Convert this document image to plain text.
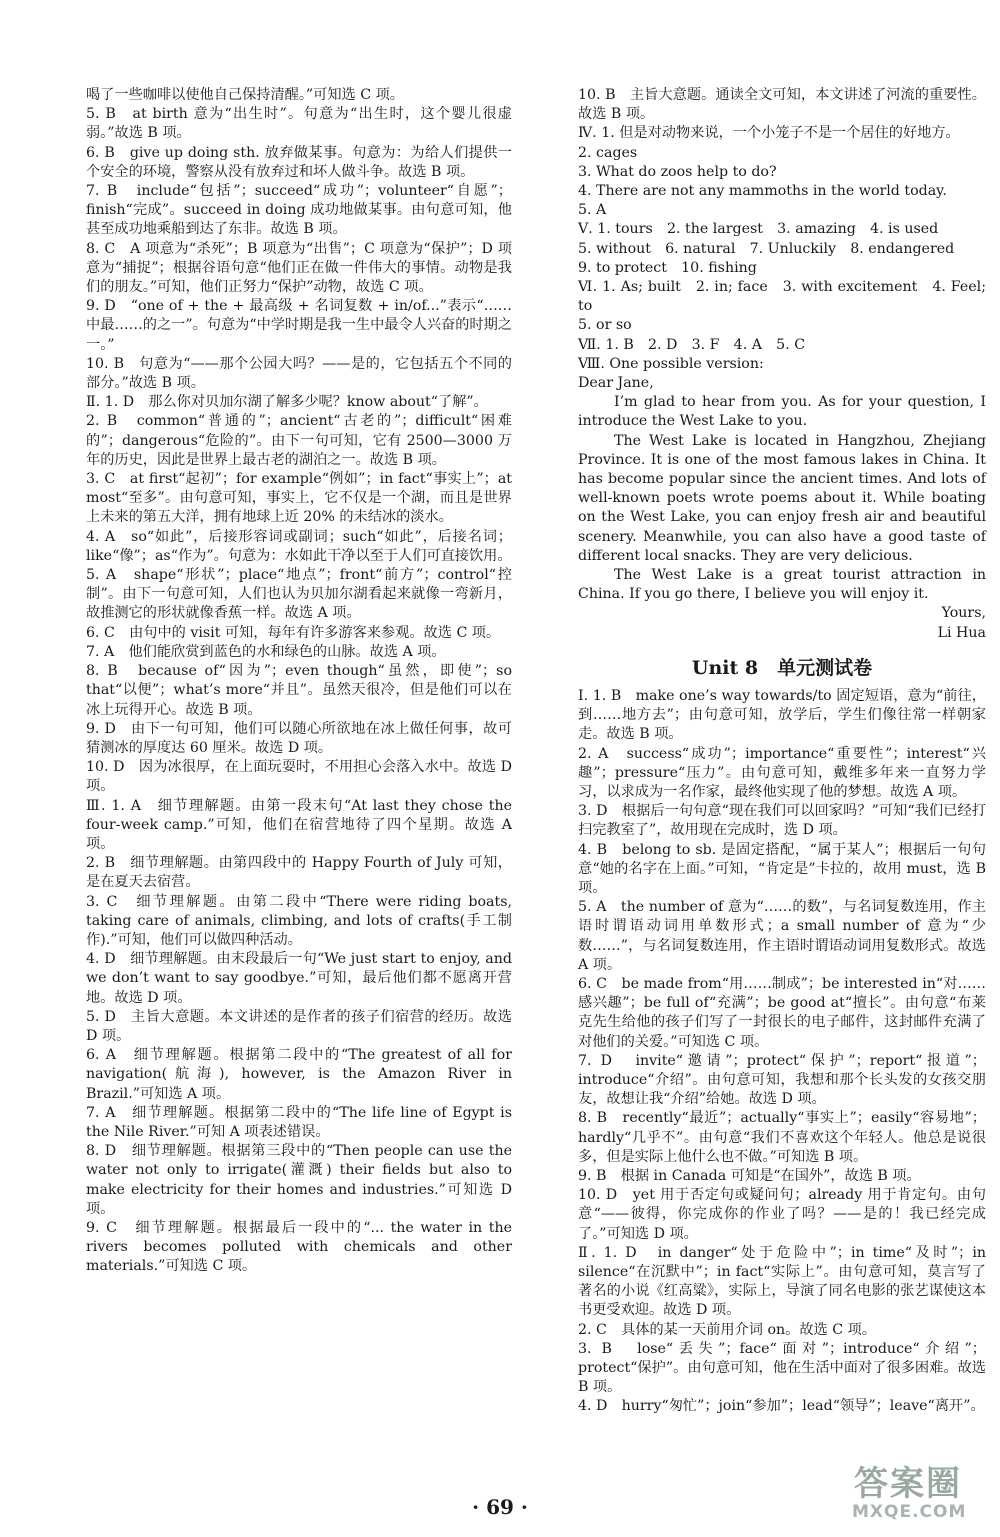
喝了一些咖啡以使他自己保持清醒。”可知选 C 项。

5. B　at birth 意为“出生时”。句意为“出生时，这个婴儿很虚弱。”故选 B 项。

6. B　give up doing sth. 放弃做某事。句意为：为给人们提供一个安全的环境，警察从没有放弃过和坏人做斗争。故选 B 项。

7. B　include“包括”；succeed“成功”；volunteer“自愿”；finish“完成”。succeed in doing 成功地做某事。由句意可知，他甚至成功地乘船到达了东非。故选 B 项。

8. C　A 项意为“杀死”；B 项意为“出售”；C 项意为“保护”；D 项意为“捕捉”；根据谷语句意“他们正在做一件伟大的事情。动物是我们的朋友。”可知，他们正努力“保护”动物，故选 C 项。

9. D　“one of + the + 最高级 + 名词复数 + in/of...”表示“……中最……的之一”。句意为“中学时期是我一生中最令人兴奋的时期之一。”

10. B　句意为“——那个公园大吗？——是的，它包括五个不同的部分。”故选 B 项。

Ⅱ. 1. D　那么你对贝加尔湖了解多少呢？know about“了解”。

2. B　common“普通的”；ancient“古老的”；difficult“困难的”；dangerous“危险的”。由下一句可知，它有 2500—3000 万年的历史，因此是世界上最古老的湖泊之一。故选 B 项。

3. C　at first“起初”；for example“例如”；in fact“事实上”；at most“至多”。由句意可知，事实上，它不仅是一个湖，而且是世界上未来的第五大洋，拥有地球上近 20% 的未结冰的淡水。

4. A　so“如此”，后接形容词或副词；such“如此”，后接名词；like“像”；as“作为”。句意为：水如此干净以至于人们可直接饮用。

5. A　shape“形状”；place“地点”；front“前方”；control“控制”。由下一句意可知，人们也认为贝加尔湖看起来就像一弯新月，故推测它的形状就像香蕉一样。故选 A 项。

6. C　由句中的 visit 可知，每年有许多游客来参观。故选 C 项。

7. A　他们能欣赏到蓝色的水和绿色的山脉。故选 A 项。

8. B　because of“因为”；even though“虽然，即使”；so that“以便”；what’s more“并且”。虽然天很冷，但是他们可以在冰上玩得开心。故选 B 项。

9. D　由下一句可知，他们可以随心所欲地在冰上做任何事，故可猜测冰的厚度达 60 厘米。故选 D 项。

10. D　因为冰很厚，在上面玩耍时，不用担心会落入水中。故选 D 项。

Ⅲ. 1. A　细节理解题。由第一段末句“At last they chose the four-week camp.”可知，他们在宿营地待了四个星期。故选 A 项。

2. B　细节理解题。由第四段中的 Happy Fourth of July 可知，是在夏天去宿营。

3. C　细节理解题。由第二段中“There were riding boats, taking care of animals, climbing, and lots of crafts(手工制作).”可知，他们可以做四种活动。

4. D　细节理解题。由末段最后一句“We just start to enjoy, and we don’t want to say goodbye.”可知，最后他们都不愿离开营地。故选 D 项。

5. D　主旨大意题。本文讲述的是作者的孩子们宿营的经历。故选 D 项。

6. A　细节理解题。根据第二段中的“The greatest of all for navigation(航海), however, is the Amazon River in Brazil.”可知选 A 项。

7. A　细节理解题。根据第二段中的“The life line of Egypt is the Nile River.”可知 A 项表述错误。

8. D　细节理解题。根据第三段中的“Then people can use the water not only to irrigate(灌溉) their fields but also to make electricity for their homes and industries.”可知选 D 项。

9. C　细节理解题。根据最后一段中的“... the water in the rivers becomes polluted with chemicals and other materials.”可知选 C 项。

10. B　主旨大意题。通读全文可知，本文讲述了河流的重要性。故选 B 项。

Ⅳ. 1. 但是对动物来说，一个小笼子不是一个居住的好地方。

2. cages

3. What do zoos help to do?

4. There are not any mammoths in the world today.

5. A

Ⅴ. 1. tours　2. the largest　3. amazing　4. is used

5. without　6. natural　7. Unluckily　8. endangered

9. to protect　10. fishing

Ⅵ. 1. As; built　2. in; face　3. with excitement　4. Feel; to

5. or so

Ⅶ. 1. B　2. D　3. F　4. A　5. C

Ⅷ. One possible version:

Dear Jane,

I’m glad to hear from you. As for your question, I introduce the West Lake to you.

The West Lake is located in Hangzhou, Zhejiang Province. It is one of the most famous lakes in China. It has become popular since the ancient times. And lots of well-known poets wrote poems about it. While boating on the West Lake, you can enjoy fresh air and beautiful scenery. Meanwhile, you can also have a good taste of different local snacks. They are very delicious.

The West Lake is a great tourist attraction in China. If you go there, I believe you will enjoy it.

Yours,

Li Hua

Unit 8　单元测试卷

Ⅰ. 1. B　make one’s way towards/to 固定短语，意为“前往，到……地方去”；由句意可知，放学后，学生们像往常一样朝家走。故选 B 项。

2. A　success“成功”；importance“重要性”；interest“兴趣”；pressure“压力”。由句意可知，戴维多年来一直努力学习，以求成为一名作家，最终他实现了他的梦想。故选 A 项。

3. D　根据后一句句意“现在我们可以回家吗？”可知“我们已经打扫完教室了”，故用现在完成时，选 D 项。

4. B　belong to sb. 是固定搭配，“属于某人”；根据后一句句意“她的名字在上面。”可知，“肯定是”卡拉的，故用 must，选 B 项。

5. A　the number of 意为“……的数”，与名词复数连用，作主语时谓语动词用单数形式；a small number of 意为“少数……”，与名词复数连用，作主语时谓语动词用复数形式。故选 A 项。

6. C　be made from“用……制成”；be interested in“对……感兴趣”；be full of“充满”；be good at“擅长”。由句意“布莱克先生给他的孩子们写了一封很长的电子邮件，这封邮件充满了对他们的关爱。”可知选 C 项。

7. D　invite“邀请”；protect“保护”；report“报道”；introduce“介绍”。由句意可知，我想和那个长头发的女孩交朋友，故想让我“介绍”给她。故选 D 项。

8. B　recently“最近”；actually“事实上”；easily“容易地”；hardly“几乎不”。由句意“我们不喜欢这个年轻人。他总是说很多，但是实际上他什么也不做。”可知选 B 项。

9. B　根据 in Canada 可知是“在国外”，故选 B 项。

10. D　yet 用于否定句或疑问句；already 用于肯定句。由句意“——彼得，你完成你的作业了吗？——是的！我已经完成了。”可知选 D 项。

Ⅱ. 1. D　in danger“处于危险中”；in time“及时”；in silence“在沉默中”；in fact“实际上”。由句意可知，莫言写了著名的小说《红高粱》，实际上，导演了同名电影的张艺谋使这本书更受欢迎。故选 D 项。

2. C　具体的某一天前用介词 on。故选 C 项。

3. B　lose“丢失”；face“面对”；introduce“介绍”；protect“保护”。由句意可知，他在生活中面对了很多困难。故选 B 项。

4. D　hurry“匆忙”；join“参加”；lead“领导”；leave“离开”。

· 69 ·
答案圈
MXQE.COM
